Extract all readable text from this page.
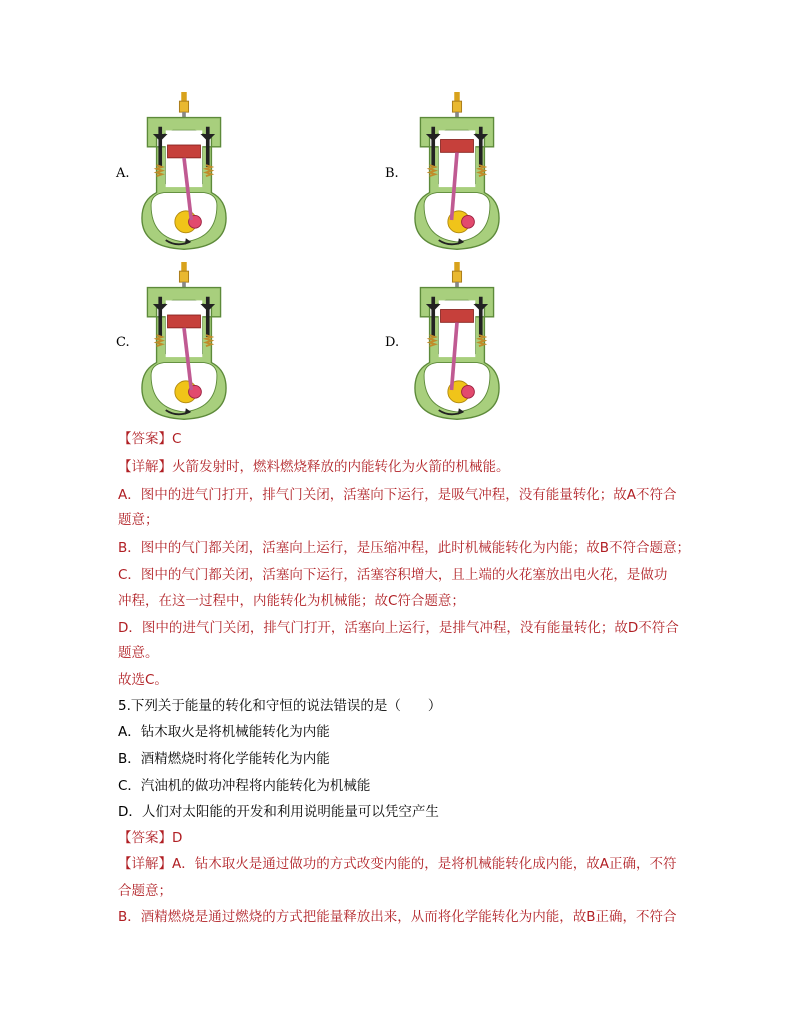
A.	B.
C.	D.
【答案】C
【详解】火箭发射时，燃料燃烧释放的内能转化为火箭的机械能。
A．图中的进气门打开，排气门关闭，活塞向下运行，是吸气冲程，没有能量转化；故A不符合
题意；
B．图中的气门都关闭，活塞向上运行，是压缩冲程，此时机械能转化为内能；故B不符合题意；
C．图中的气门都关闭，活塞向下运行，活塞容积增大，且上端的火花塞放出电火花，是做功
冲程，在这一过程中，内能转化为机械能；故C符合题意；
D．图中的进气门关闭，排气门打开，活塞向上运行，是排气冲程，没有能量转化；故D不符合
题意。
故选C。
5.下列关于能量的转化和守恒的说法错误的是（　　）
A．钻木取火是将机械能转化为内能
B．酒精燃烧时将化学能转化为内能
C．汽油机的做功冲程将内能转化为机械能
D．人们对太阳能的开发和利用说明能量可以凭空产生
【答案】D
【详解】A．钻木取火是通过做功的方式改变内能的，是将机械能转化成内能，故A正确，不符
合题意；
B．酒精燃烧是通过燃烧的方式把能量释放出来，从而将化学能转化为内能，故B正确，不符合
